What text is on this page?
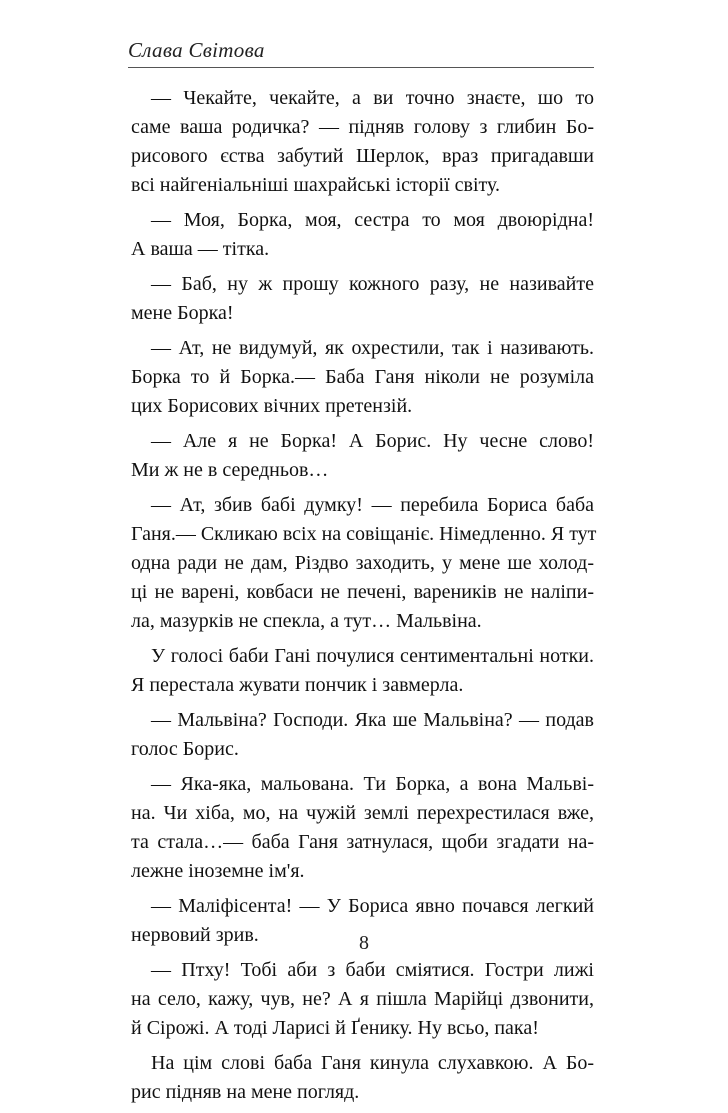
Слава Світова
— Чекайте, чекайте, а ви точно знаєте, шо то
саме ваша родичка? — підняв голову з глибин Бо-
рисового єства забутий Шерлок, враз пригадавши
всі найгеніальніші шахрайські історії світу.
— Моя, Борка, моя, сестра то моя двоюрідна!
А ваша — тітка.
— Баб, ну ж прошу кожного разу, не називайте
мене Борка!
— Ат, не видумуй, як охрестили, так і називають.
Борка то й Борка.— Баба Ганя ніколи не розуміла
цих Борисових вічних претензій.
— Але я не Борка! А Борис. Ну чесне слово!
Ми ж не в середньов…
— Ат, збив бабі думку! — перебила Бориса баба
Ганя.— Скликаю всіх на совіщаніє. Німедленно. Я тут
одна ради не дам, Різдво заходить, у мене ше холод-
ці не варені, ковбаси не печені, вареників не наліпи-
ла, мазурків не спекла, а тут… Мальвіна.
У голосі баби Гані почулися сентиментальні нотки.
Я перестала жувати пончик і завмерла.
— Мальвіна? Господи. Яка ше Мальвіна? — подав
голос Борис.
— Яка-яка, мальована. Ти Борка, а вона Мальві-
на. Чи хіба, мо, на чужій землі перехрестилася вже,
та стала…— баба Ганя затнулася, щоби згадати на-
лежне іноземне ім'я.
— Маліфісента! — У Бориса явно почався легкий
нервовий зрив.
— Птху! Тобі аби з баби сміятися. Гостри лижі
на село, кажу, чув, не? А я пішла Марійці дзвонити,
й Сірожі. А тоді Ларисі й Ґенику. Ну всьо, пака!
На цім слові баба Ганя кинула слухавкою. А Бо-
рис підняв на мене погляд.
8
